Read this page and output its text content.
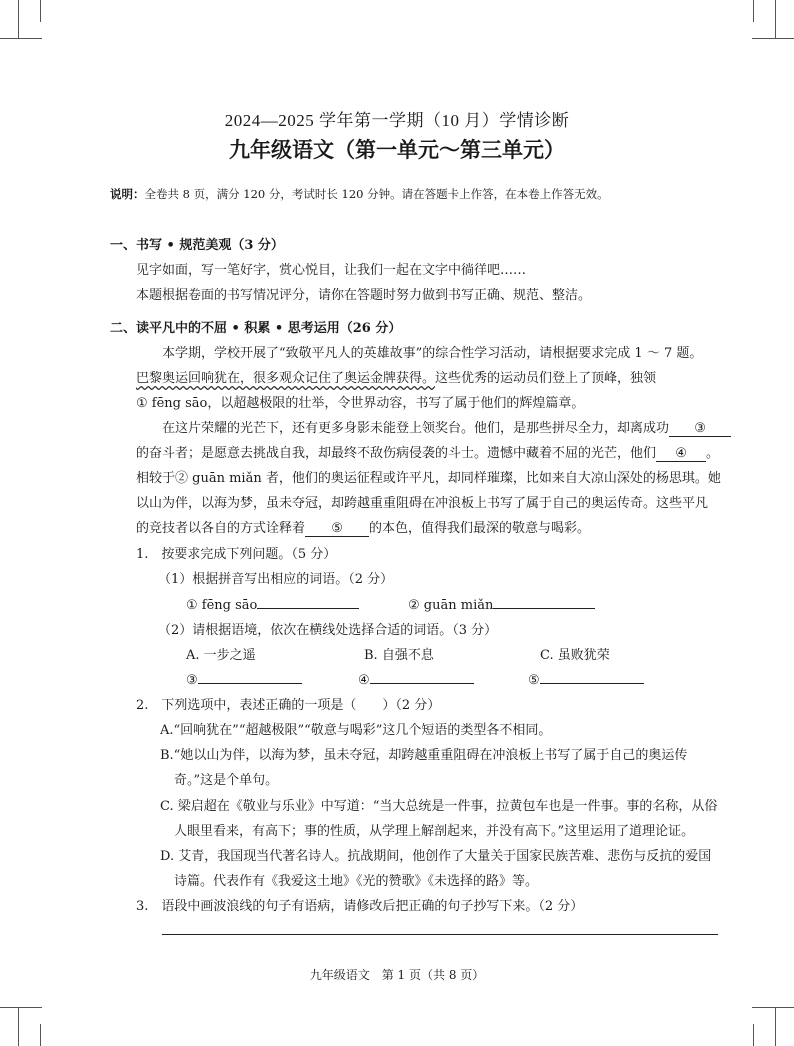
2024—2025 学年第一学期（10 月）学情诊断
九年级语文（第一单元～第三单元）
说明：全卷共 8 页，满分 120 分，考试时长 120 分钟。请在答题卡上作答，在本卷上作答无效。
一、书写 • 规范美观（3 分）
见字如面，写一笔好字，赏心悦目，让我们一起在文字中徜徉吧……
本题根据卷面的书写情况评分，请你在答题时努力做到书写正确、规范、整洁。
二、读平凡中的不屈 • 积累 • 思考运用（26 分）
本学期，学校开展了“致敬平凡人的英雄故事”的综合性学习活动，请根据要求完成 1 ～ 7 题。
巴黎奥运回响犹在，很多观众记住了奥运金牌获得。这些优秀的运动员们登上了顶峰，独领
① fēng sāo，以超越极限的壮举，令世界动容，书写了属于他们的辉煌篇章。
在这片荣耀的光芒下，还有更多身影未能登上领奖台。他们，是那些拼尽全力，却离成功 ③
的奋斗者；是愿意去挑战自我，却最终不敌伤病侵袭的斗士。遗憾中藏着不屈的光芒，他们 ④ 。
相较于② guān miǎn 者，他们的奥运征程或许平凡，却同样璀璨，比如来自大凉山深处的杨思琪。她
以山为伴，以海为梦，虽未夺冠，却跨越重重阻碍在冲浪板上书写了属于自己的奥运传奇。这些平凡
的竞技者以各自的方式诠释着 ⑤ 的本色，值得我们最深的敬意与喝彩。
1.　按要求完成下列问题。（5 分）
（1）根据拼音写出相应的词语。（2 分）
① fēng sāo	② guān miǎn
（2）请根据语境，依次在横线处选择合适的词语。（3 分）
A. 一步之遥	B. 自强不息	C. 虽败犹荣
③	④	⑤
2.　下列选项中，表述正确的一项是（　　）（2 分）
A.“回响犹在”“超越极限”“敬意与喝彩”这几个短语的类型各不相同。
B.“她以山为伴，以海为梦，虽未夺冠，却跨越重重阻碍在冲浪板上书写了属于自己的奥运传
奇。”这是个单句。
C. 梁启超在《敬业与乐业》中写道：“当大总统是一件事，拉黄包车也是一件事。事的名称，从俗
人眼里看来，有高下；事的性质，从学理上解剖起来，并没有高下。”这里运用了道理论证。
D. 艾青，我国现当代著名诗人。抗战期间，他创作了大量关于国家民族苦难、悲伤与反抗的爱国
诗篇。代表作有《我爱这土地》《光的赞歌》《未选择的路》等。
3.　语段中画波浪线的句子有语病，请修改后把正确的句子抄写下来。（2 分）
九年级语文　第 1 页（共 8 页）
